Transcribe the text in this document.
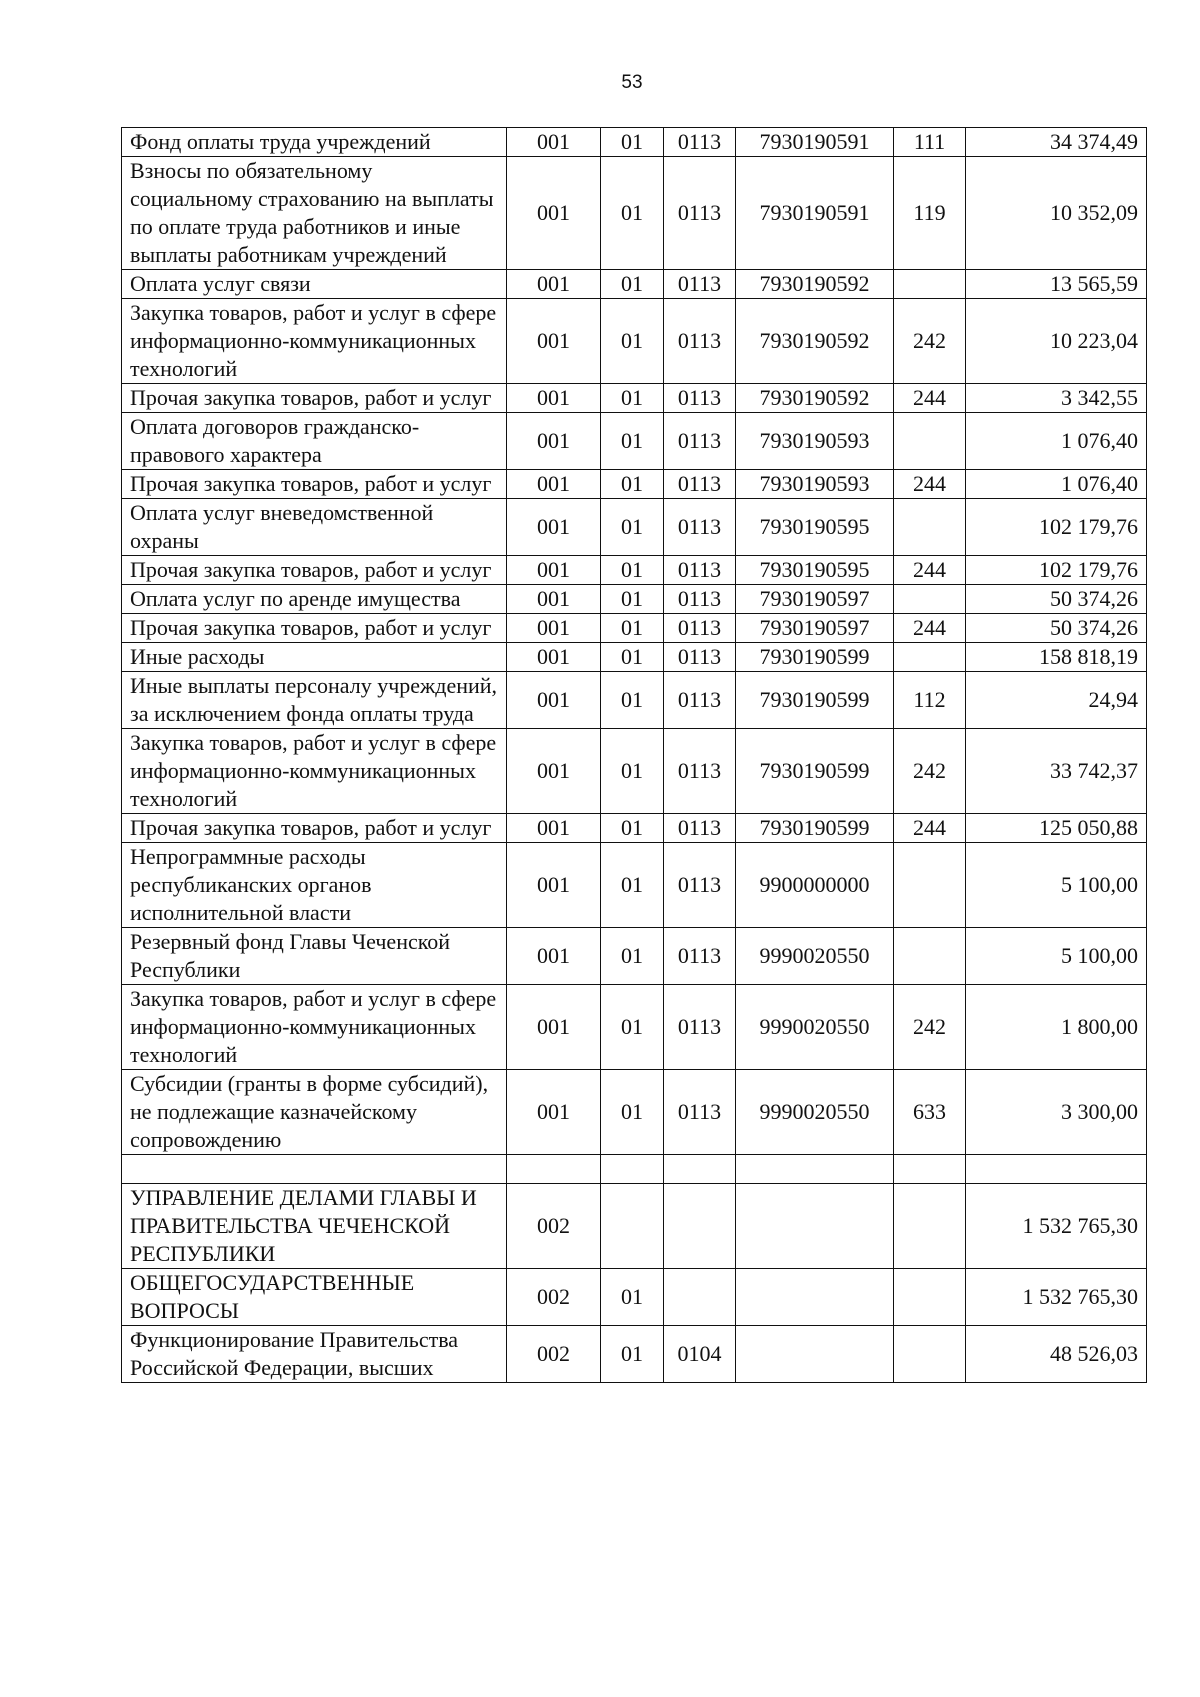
53
Фонд оплаты труда учреждений	001	01	0113	7930190591	111	34 374,49
Взносы по обязательному социальному страхованию на выплаты по оплате труда работников и иные выплаты работникам учреждений	001	01	0113	7930190591	119	10 352,09
Оплата услуг связи	001	01	0113	7930190592		13 565,59
Закупка товаров, работ и услуг в сфере информационно-коммуникационных технологий	001	01	0113	7930190592	242	10 223,04
Прочая закупка товаров, работ и услуг	001	01	0113	7930190592	244	3 342,55
Оплата договоров гражданско-правового характера	001	01	0113	7930190593		1 076,40
Прочая закупка товаров, работ и услуг	001	01	0113	7930190593	244	1 076,40
Оплата услуг вневедомственной охраны	001	01	0113	7930190595		102 179,76
Прочая закупка товаров, работ и услуг	001	01	0113	7930190595	244	102 179,76
Оплата услуг по аренде имущества	001	01	0113	7930190597		50 374,26
Прочая закупка товаров, работ и услуг	001	01	0113	7930190597	244	50 374,26
Иные расходы	001	01	0113	7930190599		158 818,19
Иные выплаты персоналу учреждений, за исключением фонда оплаты труда	001	01	0113	7930190599	112	24,94
Закупка товаров, работ и услуг в сфере информационно-коммуникационных технологий	001	01	0113	7930190599	242	33 742,37
Прочая закупка товаров, работ и услуг	001	01	0113	7930190599	244	125 050,88
Непрограммные расходы республиканских органов исполнительной власти	001	01	0113	9900000000		5 100,00
Резервный фонд Главы Чеченской Республики	001	01	0113	9990020550		5 100,00
Закупка товаров, работ и услуг в сфере информационно-коммуникационных технологий	001	01	0113	9990020550	242	1 800,00
Субсидии (гранты в форме субсидий), не подлежащие казначейскому сопровождению	001	01	0113	9990020550	633	3 300,00

УПРАВЛЕНИЕ ДЕЛАМИ ГЛАВЫ И ПРАВИТЕЛЬСТВА ЧЕЧЕНСКОЙ РЕСПУБЛИКИ	002					1 532 765,30
ОБЩЕГОСУДАРСТВЕННЫЕ ВОПРОСЫ	002	01				1 532 765,30
Функционирование Правительства Российской Федерации, высших	002	01	0104			48 526,03
